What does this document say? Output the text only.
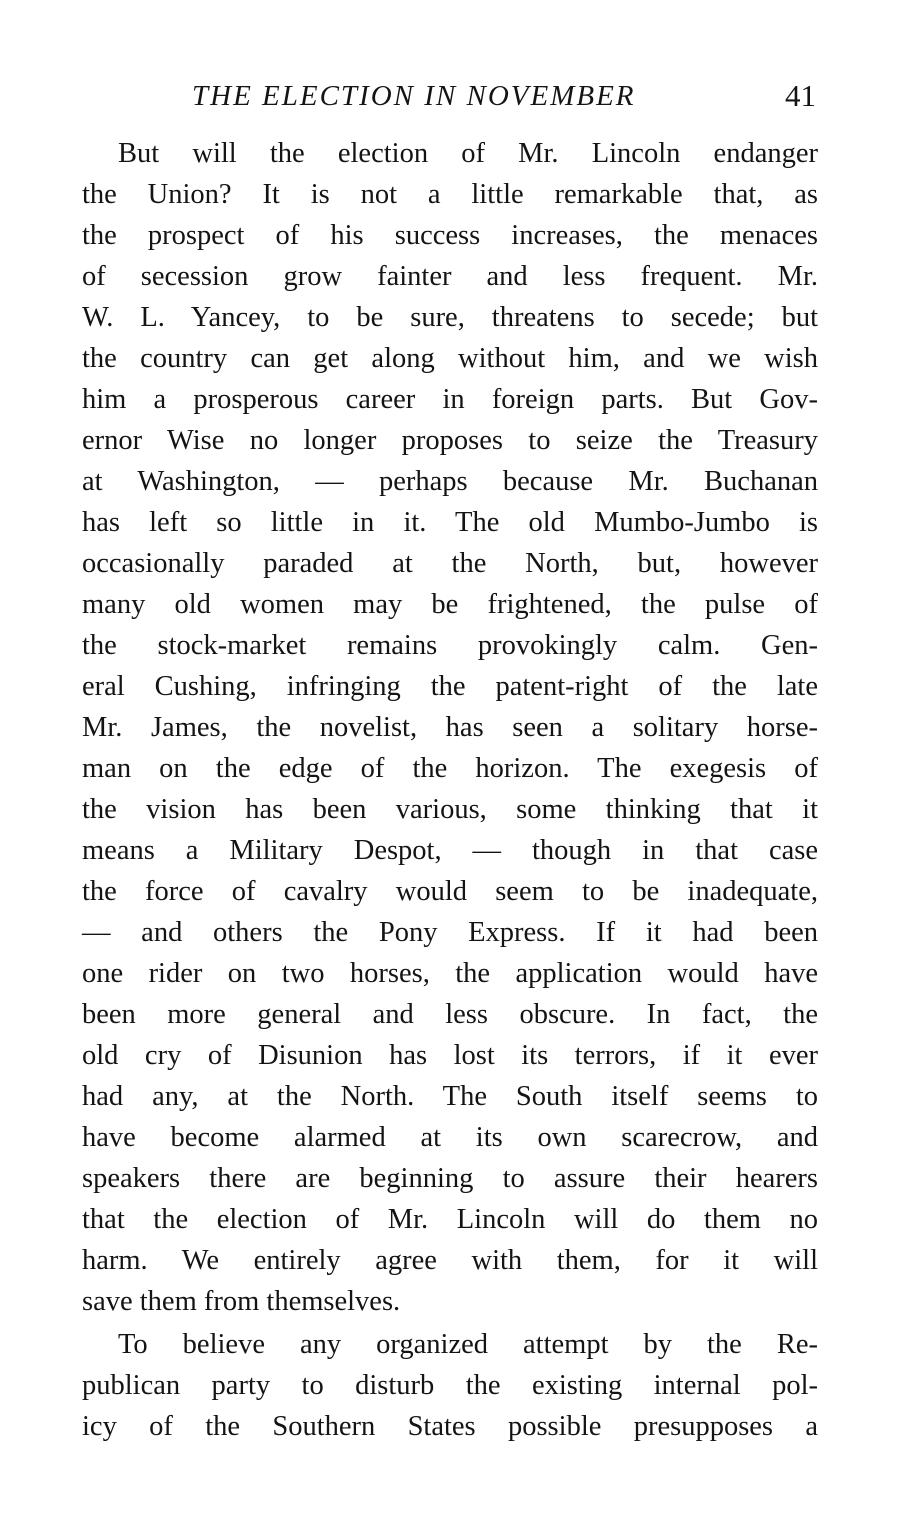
THE ELECTION IN NOVEMBER	41
But will the election of Mr. Lincoln endanger
the Union? It is not a little remarkable that, as
the prospect of his success increases, the menaces
of secession grow fainter and less frequent. Mr.
W. L. Yancey, to be sure, threatens to secede; but
the country can get along without him, and we wish
him a prosperous career in foreign parts. But Gov-
ernor Wise no longer proposes to seize the Treasury
at Washington, — perhaps because Mr. Buchanan
has left so little in it. The old Mumbo-Jumbo is
occasionally paraded at the North, but, however
many old women may be frightened, the pulse of
the stock-market remains provokingly calm. Gen-
eral Cushing, infringing the patent-right of the late
Mr. James, the novelist, has seen a solitary horse-
man on the edge of the horizon. The exegesis of
the vision has been various, some thinking that it
means a Military Despot, — though in that case
the force of cavalry would seem to be inadequate,
— and others the Pony Express. If it had been
one rider on two horses, the application would have
been more general and less obscure. In fact, the
old cry of Disunion has lost its terrors, if it ever
had any, at the North. The South itself seems to
have become alarmed at its own scarecrow, and
speakers there are beginning to assure their hearers
that the election of Mr. Lincoln will do them no
harm. We entirely agree with them, for it will
save them from themselves.
To believe any organized attempt by the Re-
publican party to disturb the existing internal pol-
icy of the Southern States possible presupposes a
